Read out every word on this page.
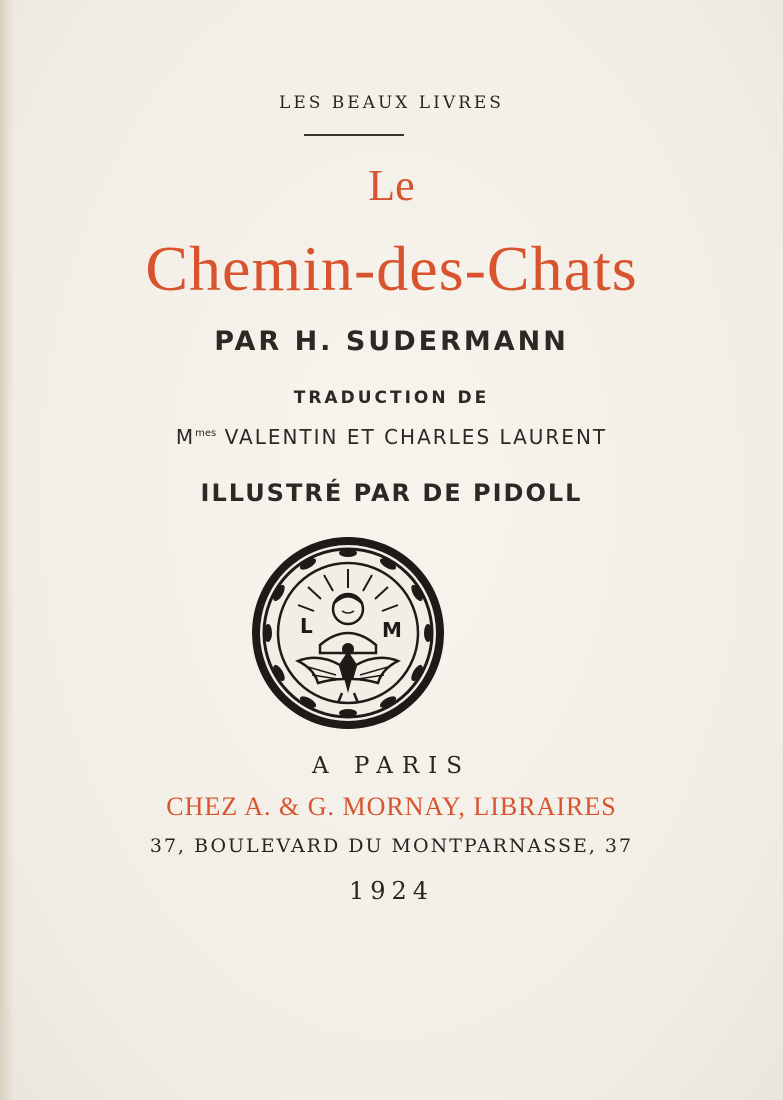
LES BEAUX LIVRES
Le
Chemin-des-Chats
PAR H. SUDERMANN
TRADUCTION DE
$M^{mes}$ VALENTIN ET CHARLES LAURENT
ILLUSTRÉ PAR DE PIDOLL
L	M
A PARIS
CHEZ A. & G. MORNAY, LIBRAIRES
37, BOULEVARD DU MONTPARNASSE, 37
1924
